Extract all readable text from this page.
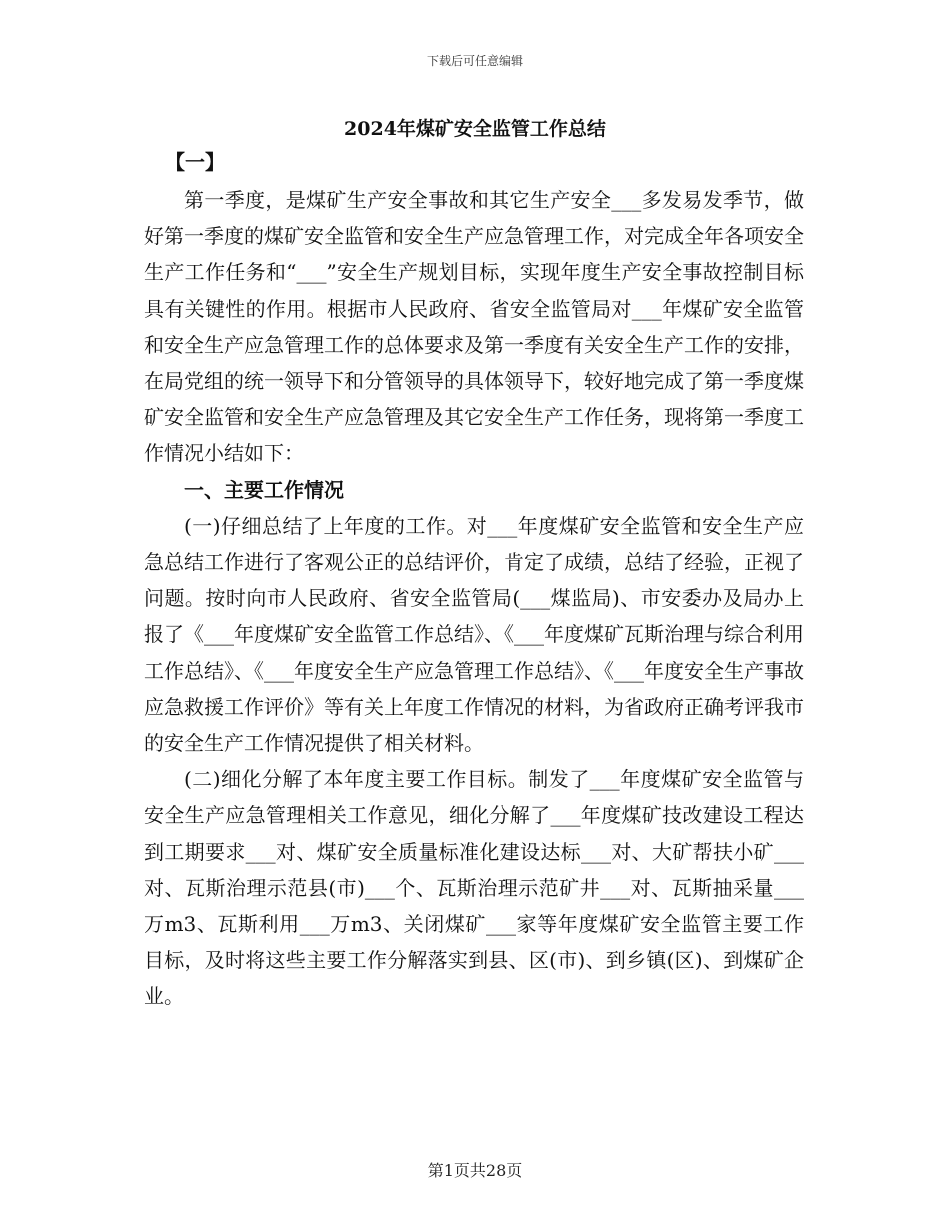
下载后可任意编辑
2024年煤矿安全监管工作总结
【一】

第一季度，是煤矿生产安全事故和其它生产安全___多发易发季节，做好第一季度的煤矿安全监管和安全生产应急管理工作，对完成全年各项安全生产工作任务和“___”安全生产规划目标，实现年度生产安全事故控制目标具有关键性的作用。根据市人民政府、省安全监管局对___年煤矿安全监管和安全生产应急管理工作的总体要求及第一季度有关安全生产工作的安排，在局党组的统一领导下和分管领导的具体领导下，较好地完成了第一季度煤矿安全监管和安全生产应急管理及其它安全生产工作任务，现将第一季度工作情况小结如下：

一、主要工作情况

(一)仔细总结了上年度的工作。对___年度煤矿安全监管和安全生产应急总结工作进行了客观公正的总结评价，肯定了成绩，总结了经验，正视了问题。按时向市人民政府、省安全监管局(___煤监局)、市安委办及局办上报了《___年度煤矿安全监管工作总结》、《___年度煤矿瓦斯治理与综合利用工作总结》、《___年度安全生产应急管理工作总结》、《___年度安全生产事故应急救援工作评价》等有关上年度工作情况的材料，为省政府正确考评我市的安全生产工作情况提供了相关材料。

(二)细化分解了本年度主要工作目标。制发了___年度煤矿安全监管与安全生产应急管理相关工作意见，细化分解了___年度煤矿技改建设工程达到工期要求___对、煤矿安全质量标准化建设达标___对、大矿帮扶小矿___对、瓦斯治理示范县(市)___个、瓦斯治理示范矿井___对、瓦斯抽采量___万m3、瓦斯利用___万m3、关闭煤矿___家等年度煤矿安全监管主要工作目标，及时将这些主要工作分解落实到县、区(市)、到乡镇(区)、到煤矿企业。

第1页共28页
